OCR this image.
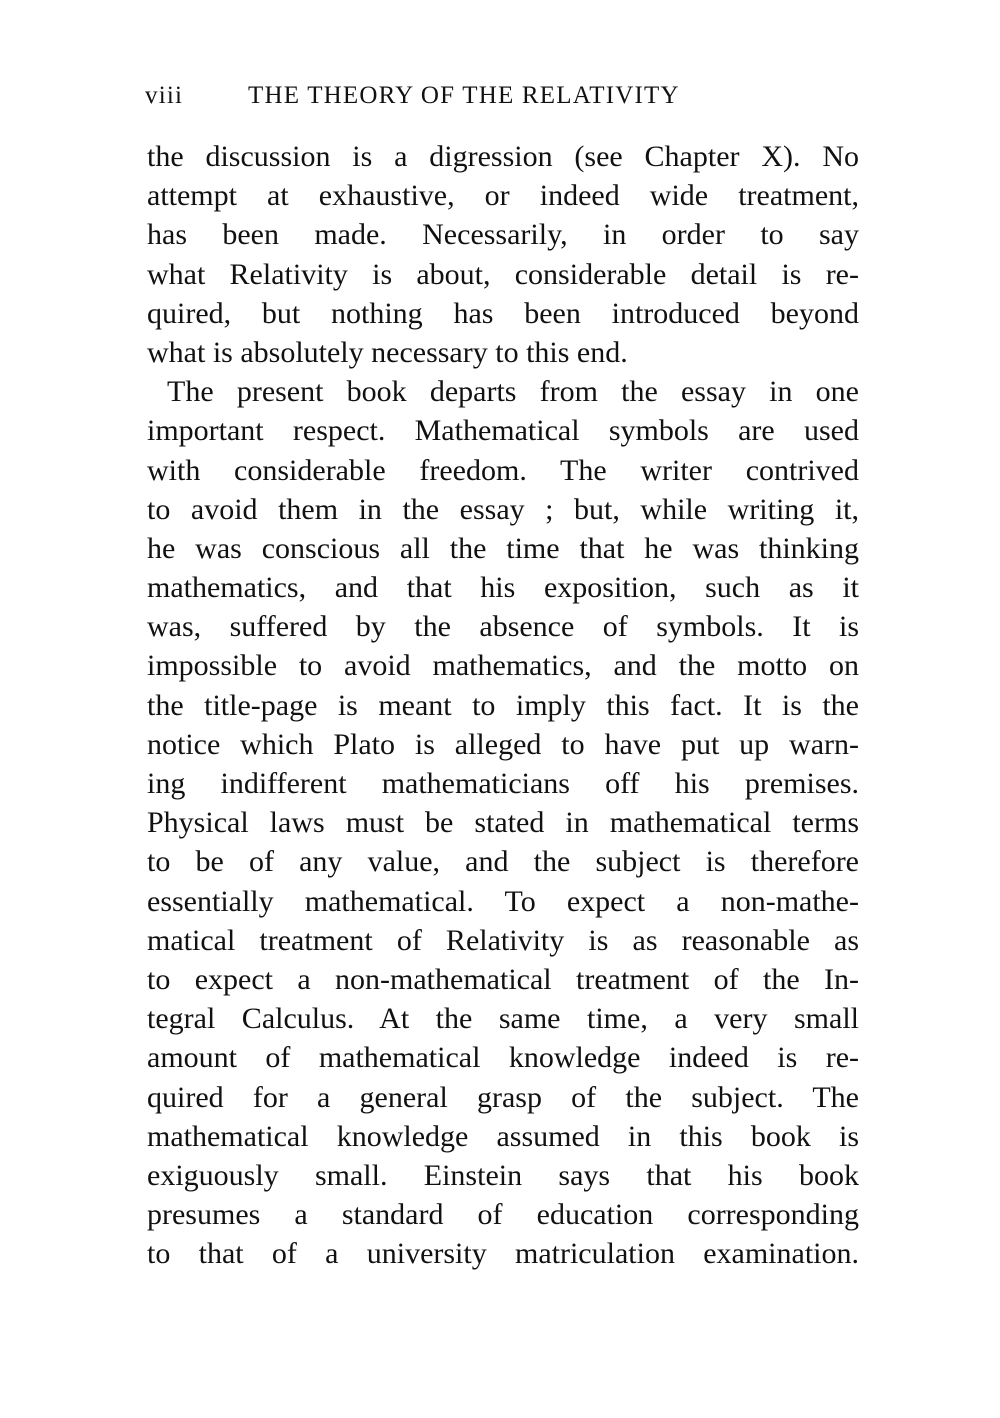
viii	THE THEORY OF THE RELATIVITY
the discussion is a digression (see Chapter X). No
attempt at exhaustive, or indeed wide treatment,
has been made. Necessarily, in order to say
what Relativity is about, considerable detail is re-
quired, but nothing has been introduced beyond
what is absolutely necessary to this end.
The present book departs from the essay in one
important respect. Mathematical symbols are used
with considerable freedom. The writer contrived
to avoid them in the essay ; but, while writing it,
he was conscious all the time that he was thinking
mathematics, and that his exposition, such as it
was, suffered by the absence of symbols. It is
impossible to avoid mathematics, and the motto on
the title-page is meant to imply this fact. It is the
notice which Plato is alleged to have put up warn-
ing indifferent mathematicians off his premises.
Physical laws must be stated in mathematical terms
to be of any value, and the subject is therefore
essentially mathematical. To expect a non-mathe-
matical treatment of Relativity is as reasonable as
to expect a non-mathematical treatment of the In-
tegral Calculus. At the same time, a very small
amount of mathematical knowledge indeed is re-
quired for a general grasp of the subject. The
mathematical knowledge assumed in this book is
exiguously small. Einstein says that his book
presumes a standard of education corresponding
to that of a university matriculation examination.
